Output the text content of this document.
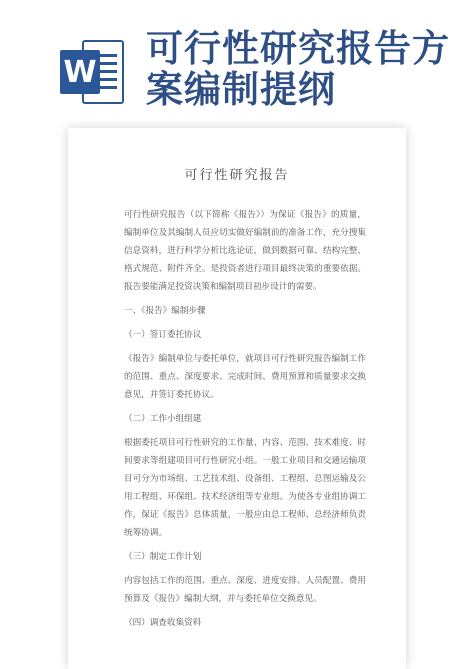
W
可行性研究报告方
案编制提纲
可行性研究报告

可行性研究报告（以下简称《报告》）为保证《报告》的质量，编制单位及其编制人员应切实做好编制前的准备工作，充分搜集信息资料，进行科学分析比选论证，做到数据可靠、结构完整、格式规范、附件齐全。是投资者进行项目最终决策的重要依据。报告要能满足投资决策和编制项目初步设计的需要。

一、《报告》编制步骤

（一）签订委托协议

《报告》编制单位与委托单位，就项目可行性研究报告编制工作的范围、重点、深度要求、完成时间、费用预算和质量要求交换意见，并签订委托协议。

（二）工作小组组建

根据委托项目可行性研究的工作量、内容、范围、技术难度、时间要求等组建项目可行性研究小组。一般工业项目和交通运输项目可分为市场组、工艺技术组、设备组、工程组、总图运输及公用工程组、环保组、技术经济组等专业组。为使各专业组协调工作，保证《报告》总体质量，一般应由总工程师、总经济师负责统筹协调。

（三）制定工作计划

内容包括工作的范围、重点、深度、进度安排、人员配置、费用预算及《报告》编制大纲，并与委托单位交换意见。

（四）调查收集资料
